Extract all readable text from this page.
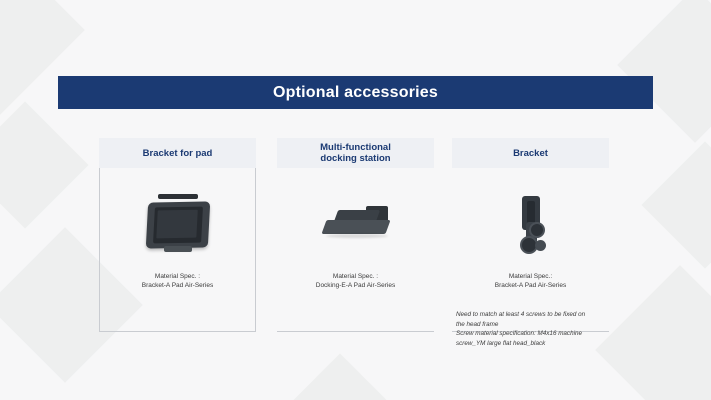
Optional accessories
Bracket for pad
Material Spec. :
Bracket-A Pad Air-Series
Multi-functional
docking station
Material Spec. :
Docking-E-A Pad Air-Series
Bracket
Material Spec.:
Bracket-A Pad Air-Series
Need to match at least 4 screws to be fixed on
the head frame
Screw material specification: M4x16 machine
screw_YM large flat head_black
